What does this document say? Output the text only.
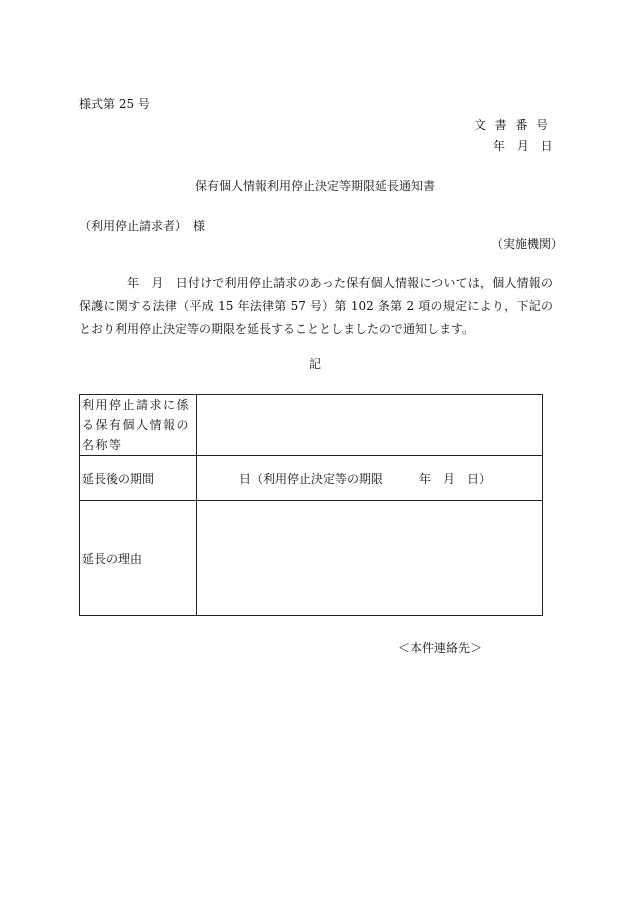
様式第 25 号
文書番号
年 月 日
保有個人情報利用停止決定等期限延長通知書
（利用停止請求者）　様
（実施機関）
年　月　日付けで利用停止請求のあった保有個人情報については，個人情報の保護に関する法律（平成 15 年法律第 57 号）第 102 条第 2 項の規定により，下記のとおり利用停止決定等の期限を延長することとしましたので通知します。
記
利用停止請求に係る保有個人情報の名称等	
延長後の期間	日（利用停止決定等の期限 年 月 日）
延長の理由	
＜本件連絡先＞
